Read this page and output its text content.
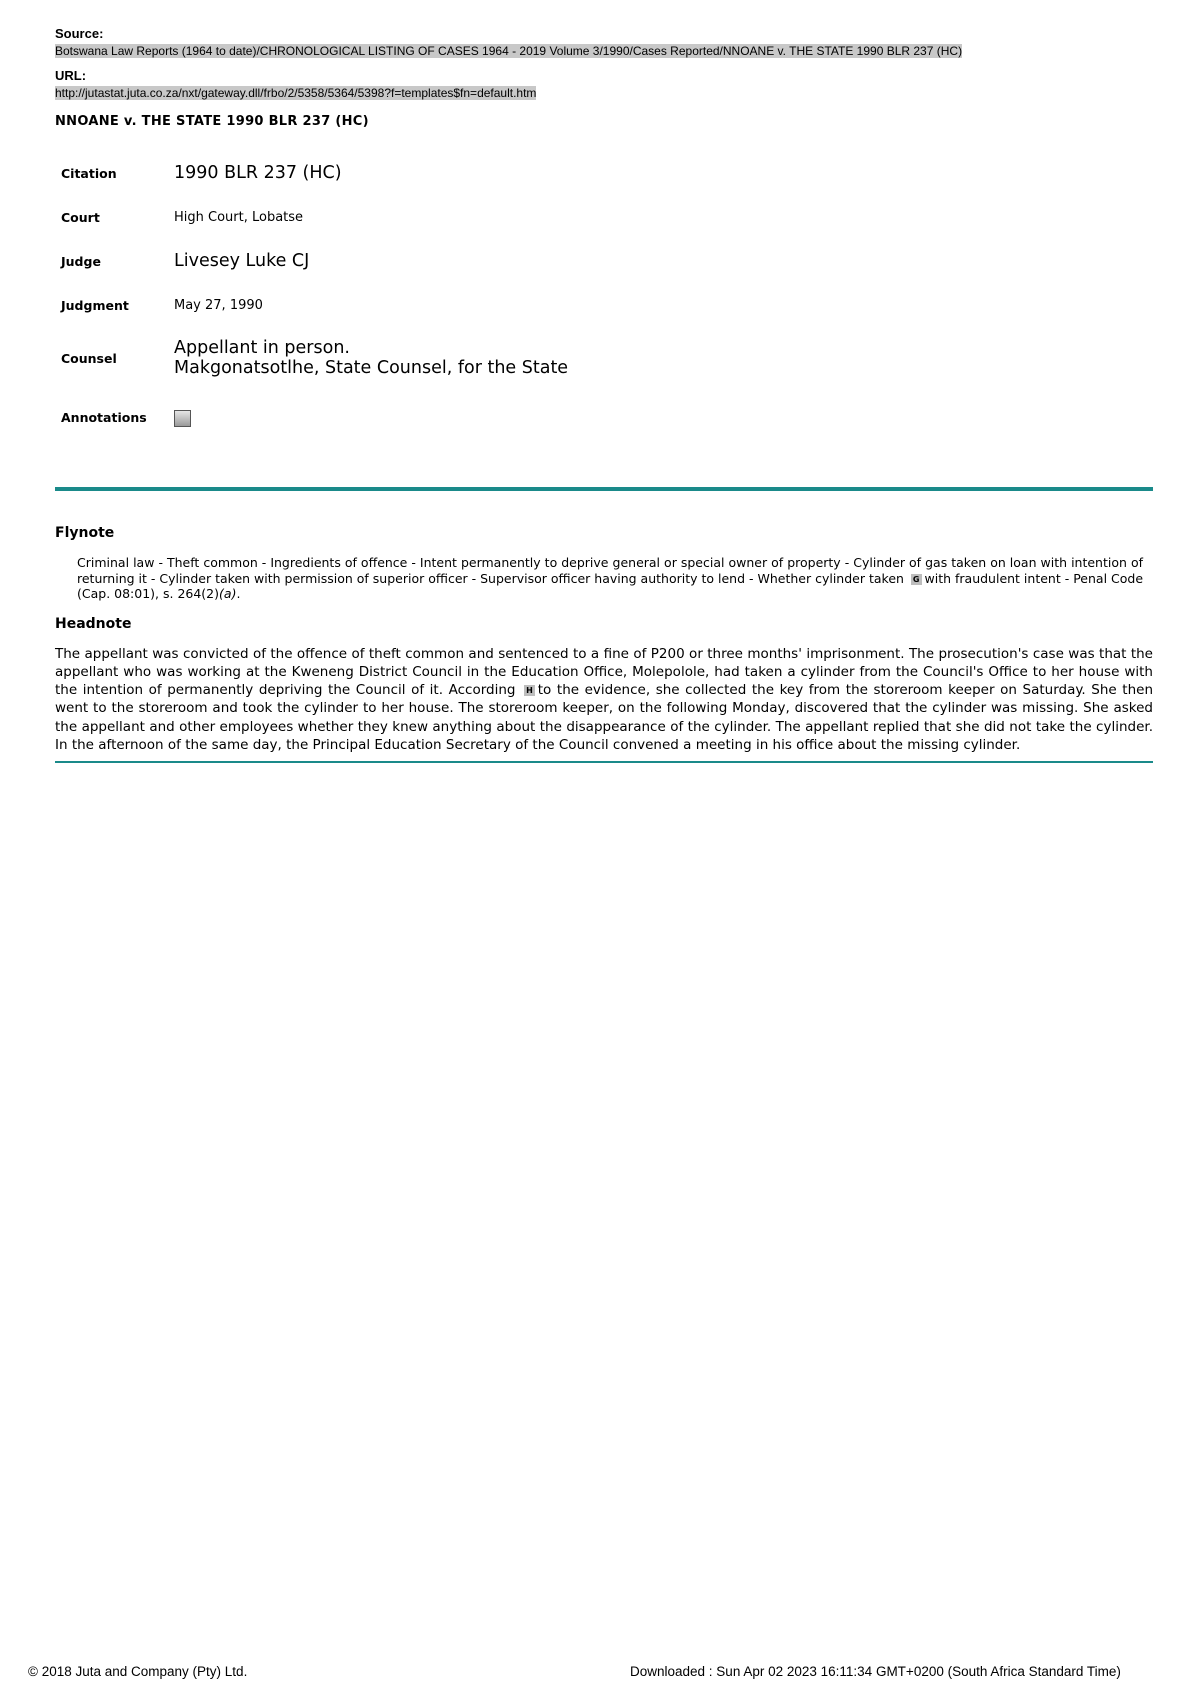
Source:
Botswana Law Reports (1964 to date)/CHRONOLOGICAL LISTING OF CASES 1964 - 2019 Volume 3/1990/Cases Reported/NNOANE v. THE STATE 1990 BLR 237 (HC)
URL:
http://jutastat.juta.co.za/nxt/gateway.dll/frbo/2/5358/5364/5398?f=templates$fn=default.htm
NNOANE v. THE STATE 1990 BLR 237 (HC)
Citation	1990 BLR 237 (HC)
Court	High Court, Lobatse
Judge	Livesey Luke CJ
Judgment	May 27, 1990
Counsel	Appellant in person.
Makgonatsotlhe, State Counsel, for the State

Annotations	
Flynote
Criminal law - Theft common - Ingredients of offence - Intent permanently to deprive general or special owner of property - Cylinder of gas taken on loan with intention of returning it - Cylinder taken with permission of superior officer - Supervisor officer having authority to lend - Whether cylinder taken G with fraudulent intent - Penal Code (Cap. 08:01), s. 264(2)(a).
Headnote
The appellant was convicted of the offence of theft common and sentenced to a fine of P200 or three months' imprisonment. The prosecution's case was that the appellant who was working at the Kweneng District Council in the Education Office, Molepolole, had taken a cylinder from the Council's Office to her house with the intention of permanently depriving the Council of it. According H to the evidence, she collected the key from the storeroom keeper on Saturday. She then went to the storeroom and took the cylinder to her house. The storeroom keeper, on the following Monday, discovered that the cylinder was missing. She asked the appellant and other employees whether they knew anything about the disappearance of the cylinder. The appellant replied that she did not take the cylinder. In the afternoon of the same day, the Principal Education Secretary of the Council convened a meeting in his office about the missing cylinder.
© 2018 Juta and Company (Pty) Ltd.	Downloaded : Sun Apr 02 2023 16:11:34 GMT+0200 (South Africa Standard Time)
